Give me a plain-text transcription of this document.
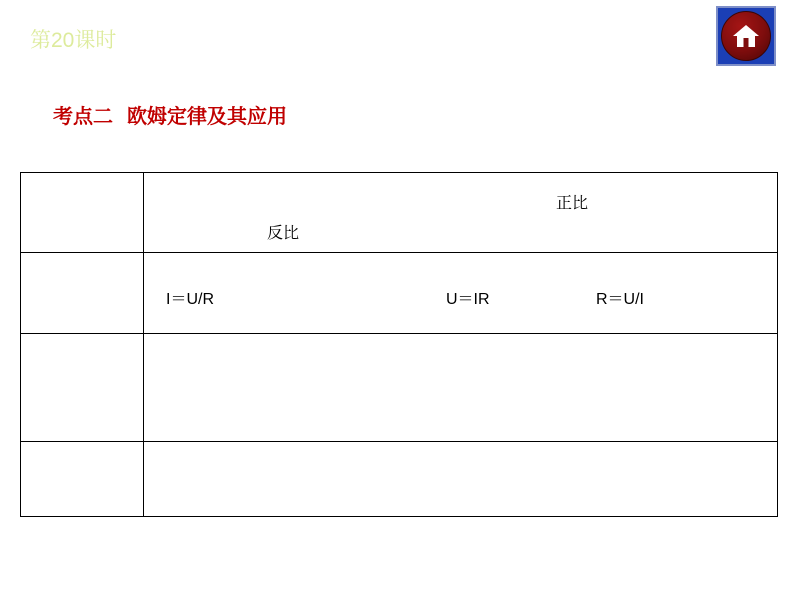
第20课时
考点二 欧姆定律及其应用

	正比
反比

	I＝U/R U＝IR R＝U/I
